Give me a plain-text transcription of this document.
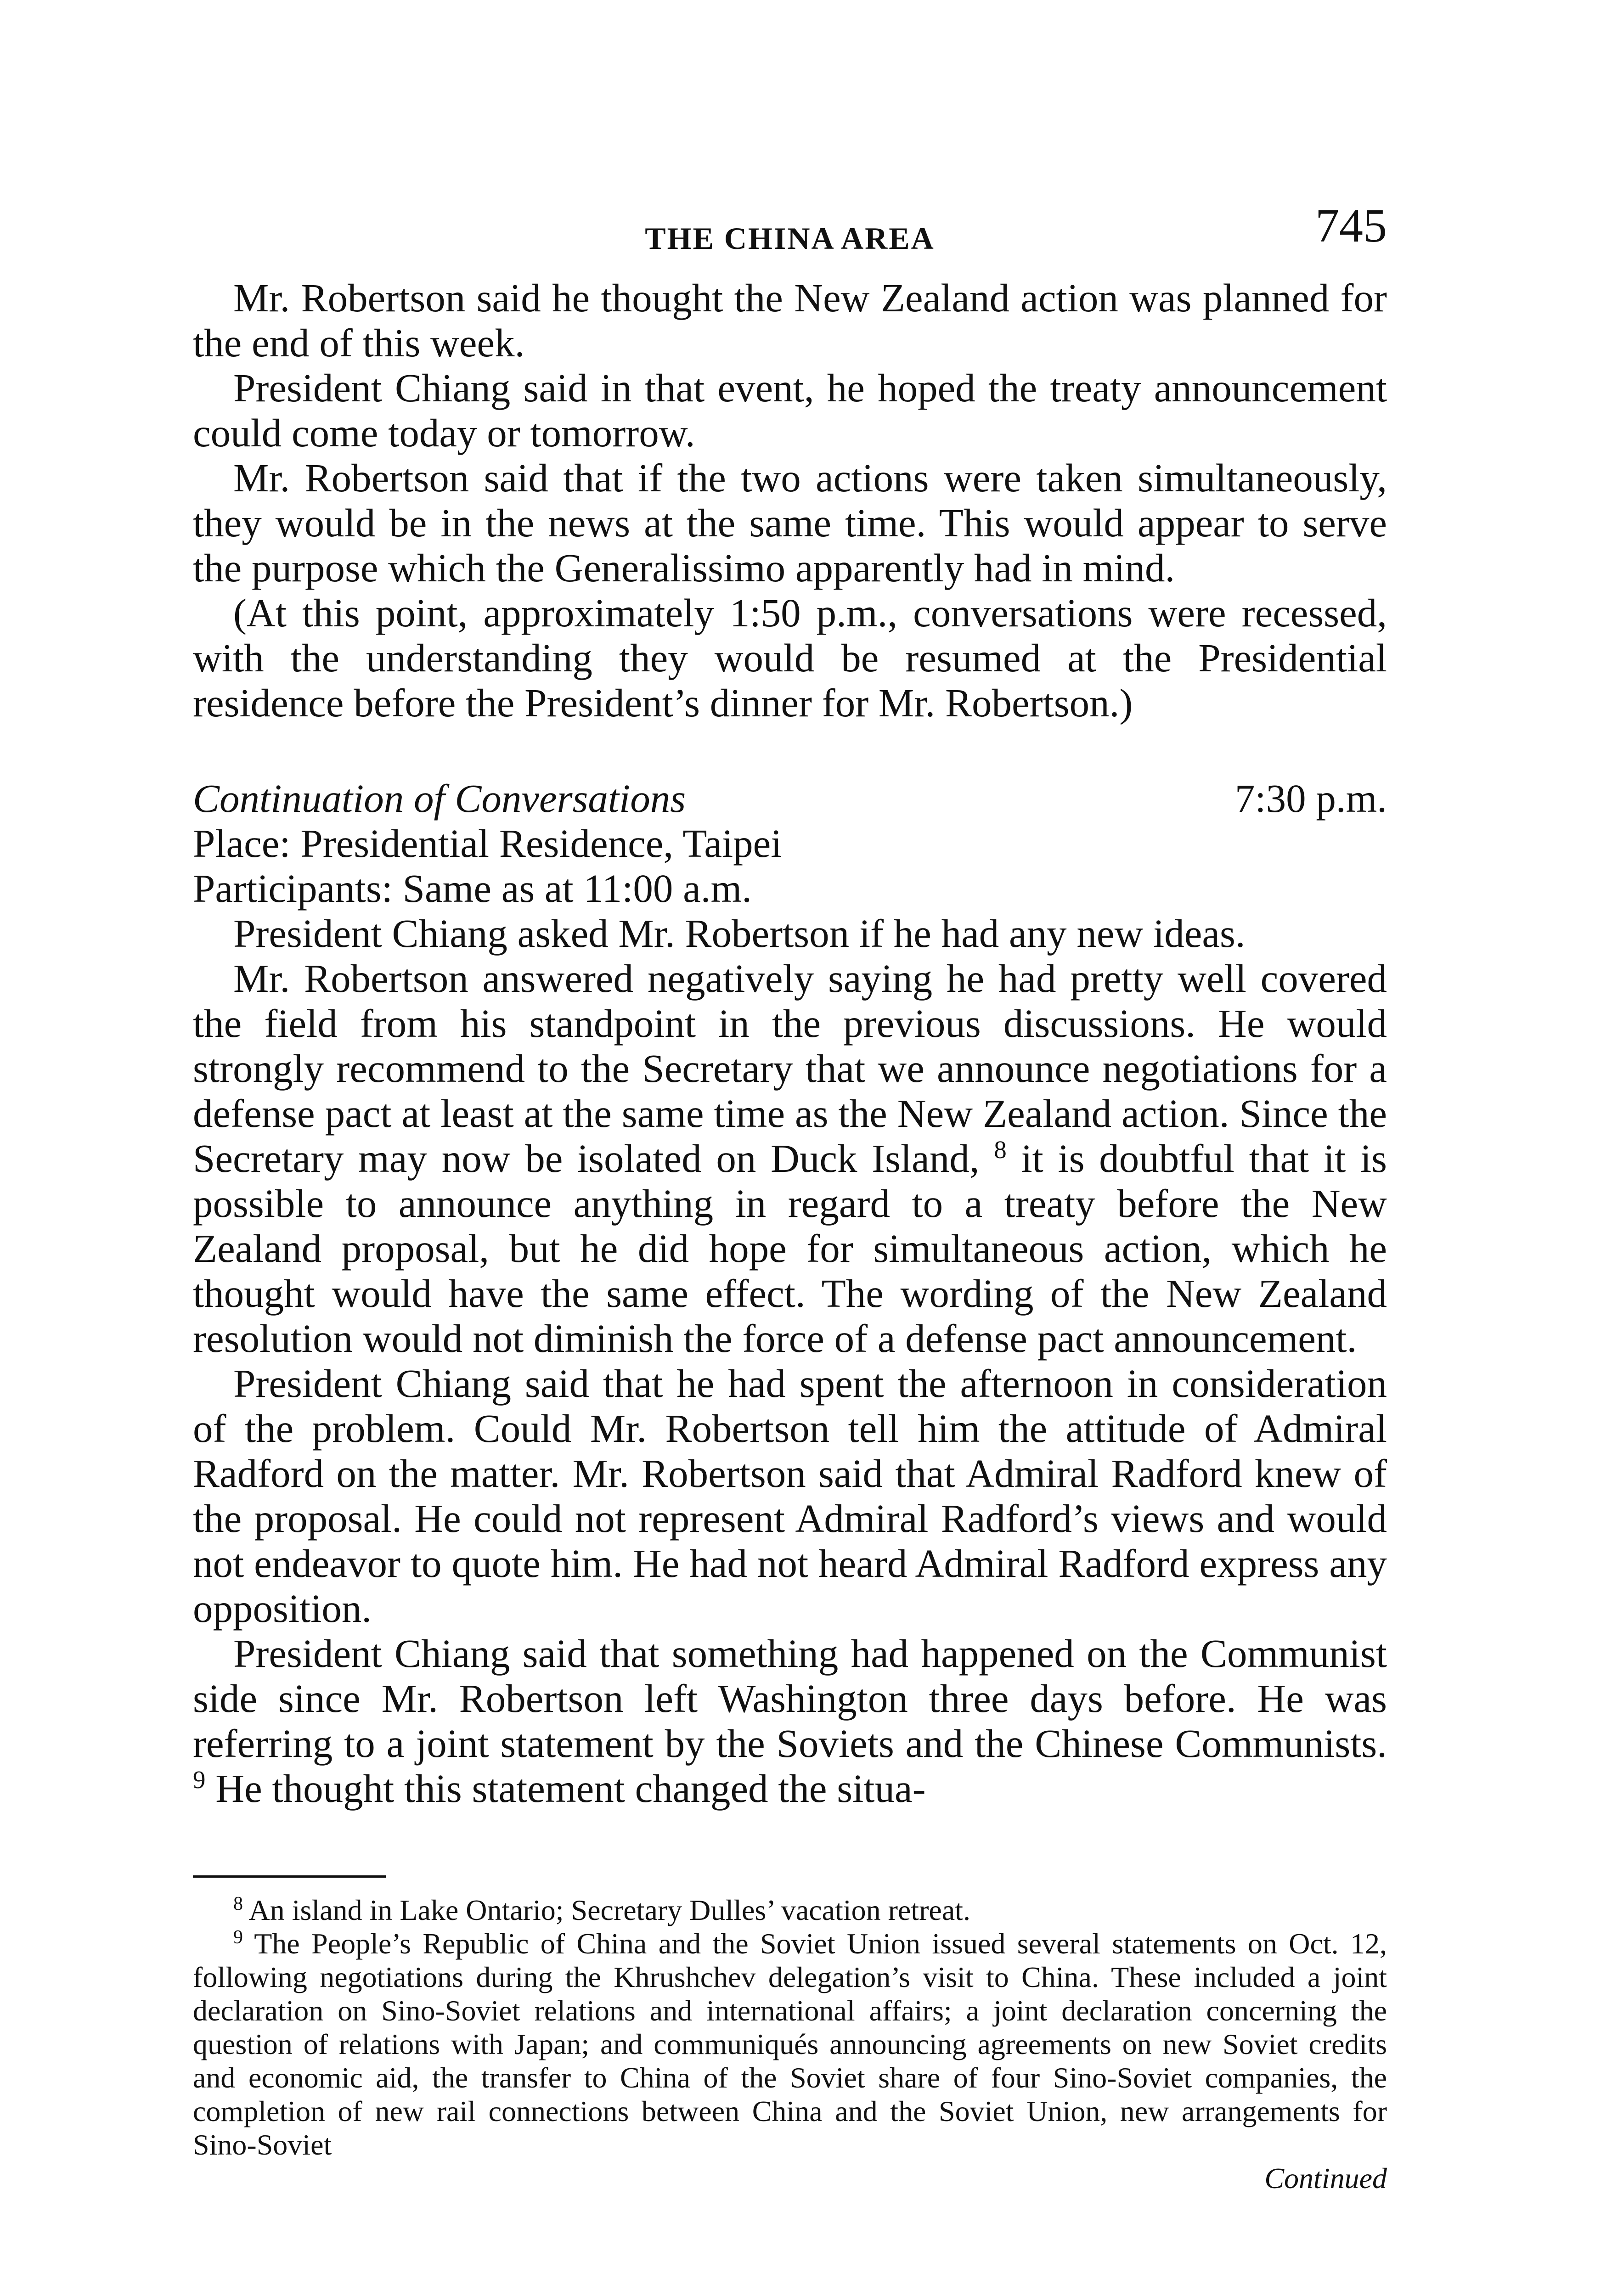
THE CHINA AREA	745

Mr. Robertson said he thought the New Zealand action was planned for the end of this week.

President Chiang said in that event, he hoped the treaty announcement could come today or tomorrow.

Mr. Robertson said that if the two actions were taken simultaneously, they would be in the news at the same time. This would appear to serve the purpose which the Generalissimo apparently had in mind.

(At this point, approximately 1:50 p.m., conversations were recessed, with the understanding they would be resumed at the Presidential residence before the President’s dinner for Mr. Robertson.)

Continuation of Conversations	7:30 p.m.
Place: Presidential Residence, Taipei
Participants: Same as at 11:00 a.m.

President Chiang asked Mr. Robertson if he had any new ideas.

Mr. Robertson answered negatively saying he had pretty well covered the field from his standpoint in the previous discussions. He would strongly recommend to the Secretary that we announce negotiations for a defense pact at least at the same time as the New Zealand action. Since the Secretary may now be isolated on Duck Island, $^8$ it is doubtful that it is possible to announce anything in regard to a treaty before the New Zealand proposal, but he did hope for simultaneous action, which he thought would have the same effect. The wording of the New Zealand resolution would not diminish the force of a defense pact announcement.

President Chiang said that he had spent the afternoon in consideration of the problem. Could Mr. Robertson tell him the attitude of Admiral Radford on the matter. Mr. Robertson said that Admiral Radford knew of the proposal. He could not represent Admiral Radford’s views and would not endeavor to quote him. He had not heard Admiral Radford express any opposition.

President Chiang said that something had happened on the Communist side since Mr. Robertson left Washington three days before. He was referring to a joint statement by the Soviets and the Chinese Communists. $^9$ He thought this statement changed the situa-

$^8$ An island in Lake Ontario; Secretary Dulles’ vacation retreat.

$^9$ The People’s Republic of China and the Soviet Union issued several statements on Oct. 12, following negotiations during the Khrushchev delegation’s visit to China. These included a joint declaration on Sino-Soviet relations and international affairs; a joint declaration concerning the question of relations with Japan; and communiqués announcing agreements on new Soviet credits and economic aid, the transfer to China of the Soviet share of four Sino-Soviet companies, the completion of new rail connections between China and the Soviet Union, new arrangements for Sino-Soviet

Continued
